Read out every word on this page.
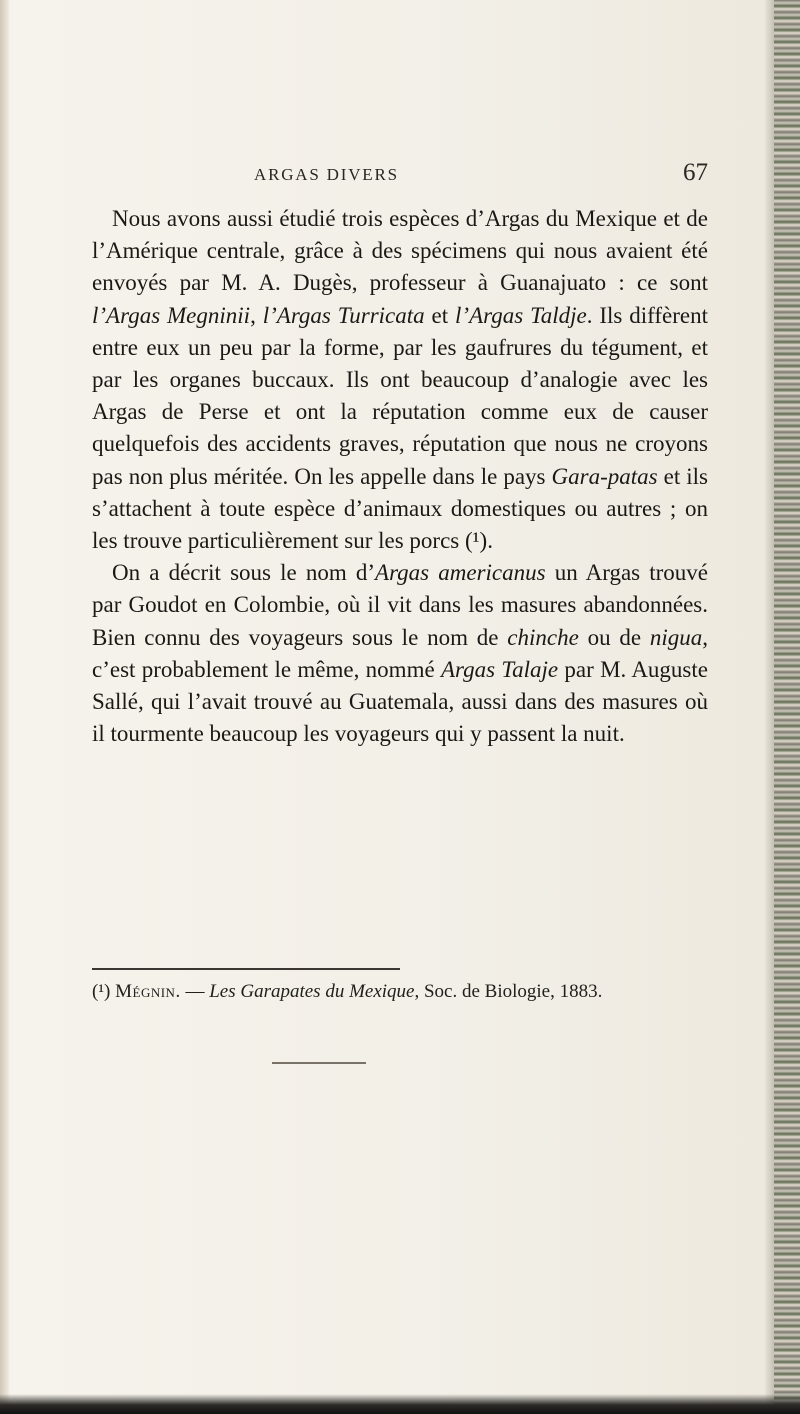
ARGAS DIVERS	67

Nous avons aussi étudié trois espèces d’Argas du Mexique et de l’Amérique centrale, grâce à des spécimens qui nous avaient été envoyés par M. A. Dugès, professeur à Guanajuato : ce sont l’Argas Megninii, l’Argas Turricata et l’Argas Taldje. Ils diffèrent entre eux un peu par la forme, par les gaufrures du tégument, et par les organes buccaux. Ils ont beaucoup d’analogie avec les Argas de Perse et ont la réputation comme eux de causer quelquefois des accidents graves, réputation que nous ne croyons pas non plus méritée. On les appelle dans le pays Gara-patas et ils s’attachent à toute espèce d’animaux domestiques ou autres ; on les trouve particulièrement sur les porcs (¹).

On a décrit sous le nom d’Argas americanus un Argas trouvé par Goudot en Colombie, où il vit dans les masures abandonnées. Bien connu des voyageurs sous le nom de chinche ou de nigua, c’est probablement le même, nommé Argas Talaje par M. Auguste Sallé, qui l’avait trouvé au Guatemala, aussi dans des masures où il tourmente beaucoup les voyageurs qui y passent la nuit.

(¹) Mégnin. — Les Garapates du Mexique, Soc. de Biologie, 1883.
